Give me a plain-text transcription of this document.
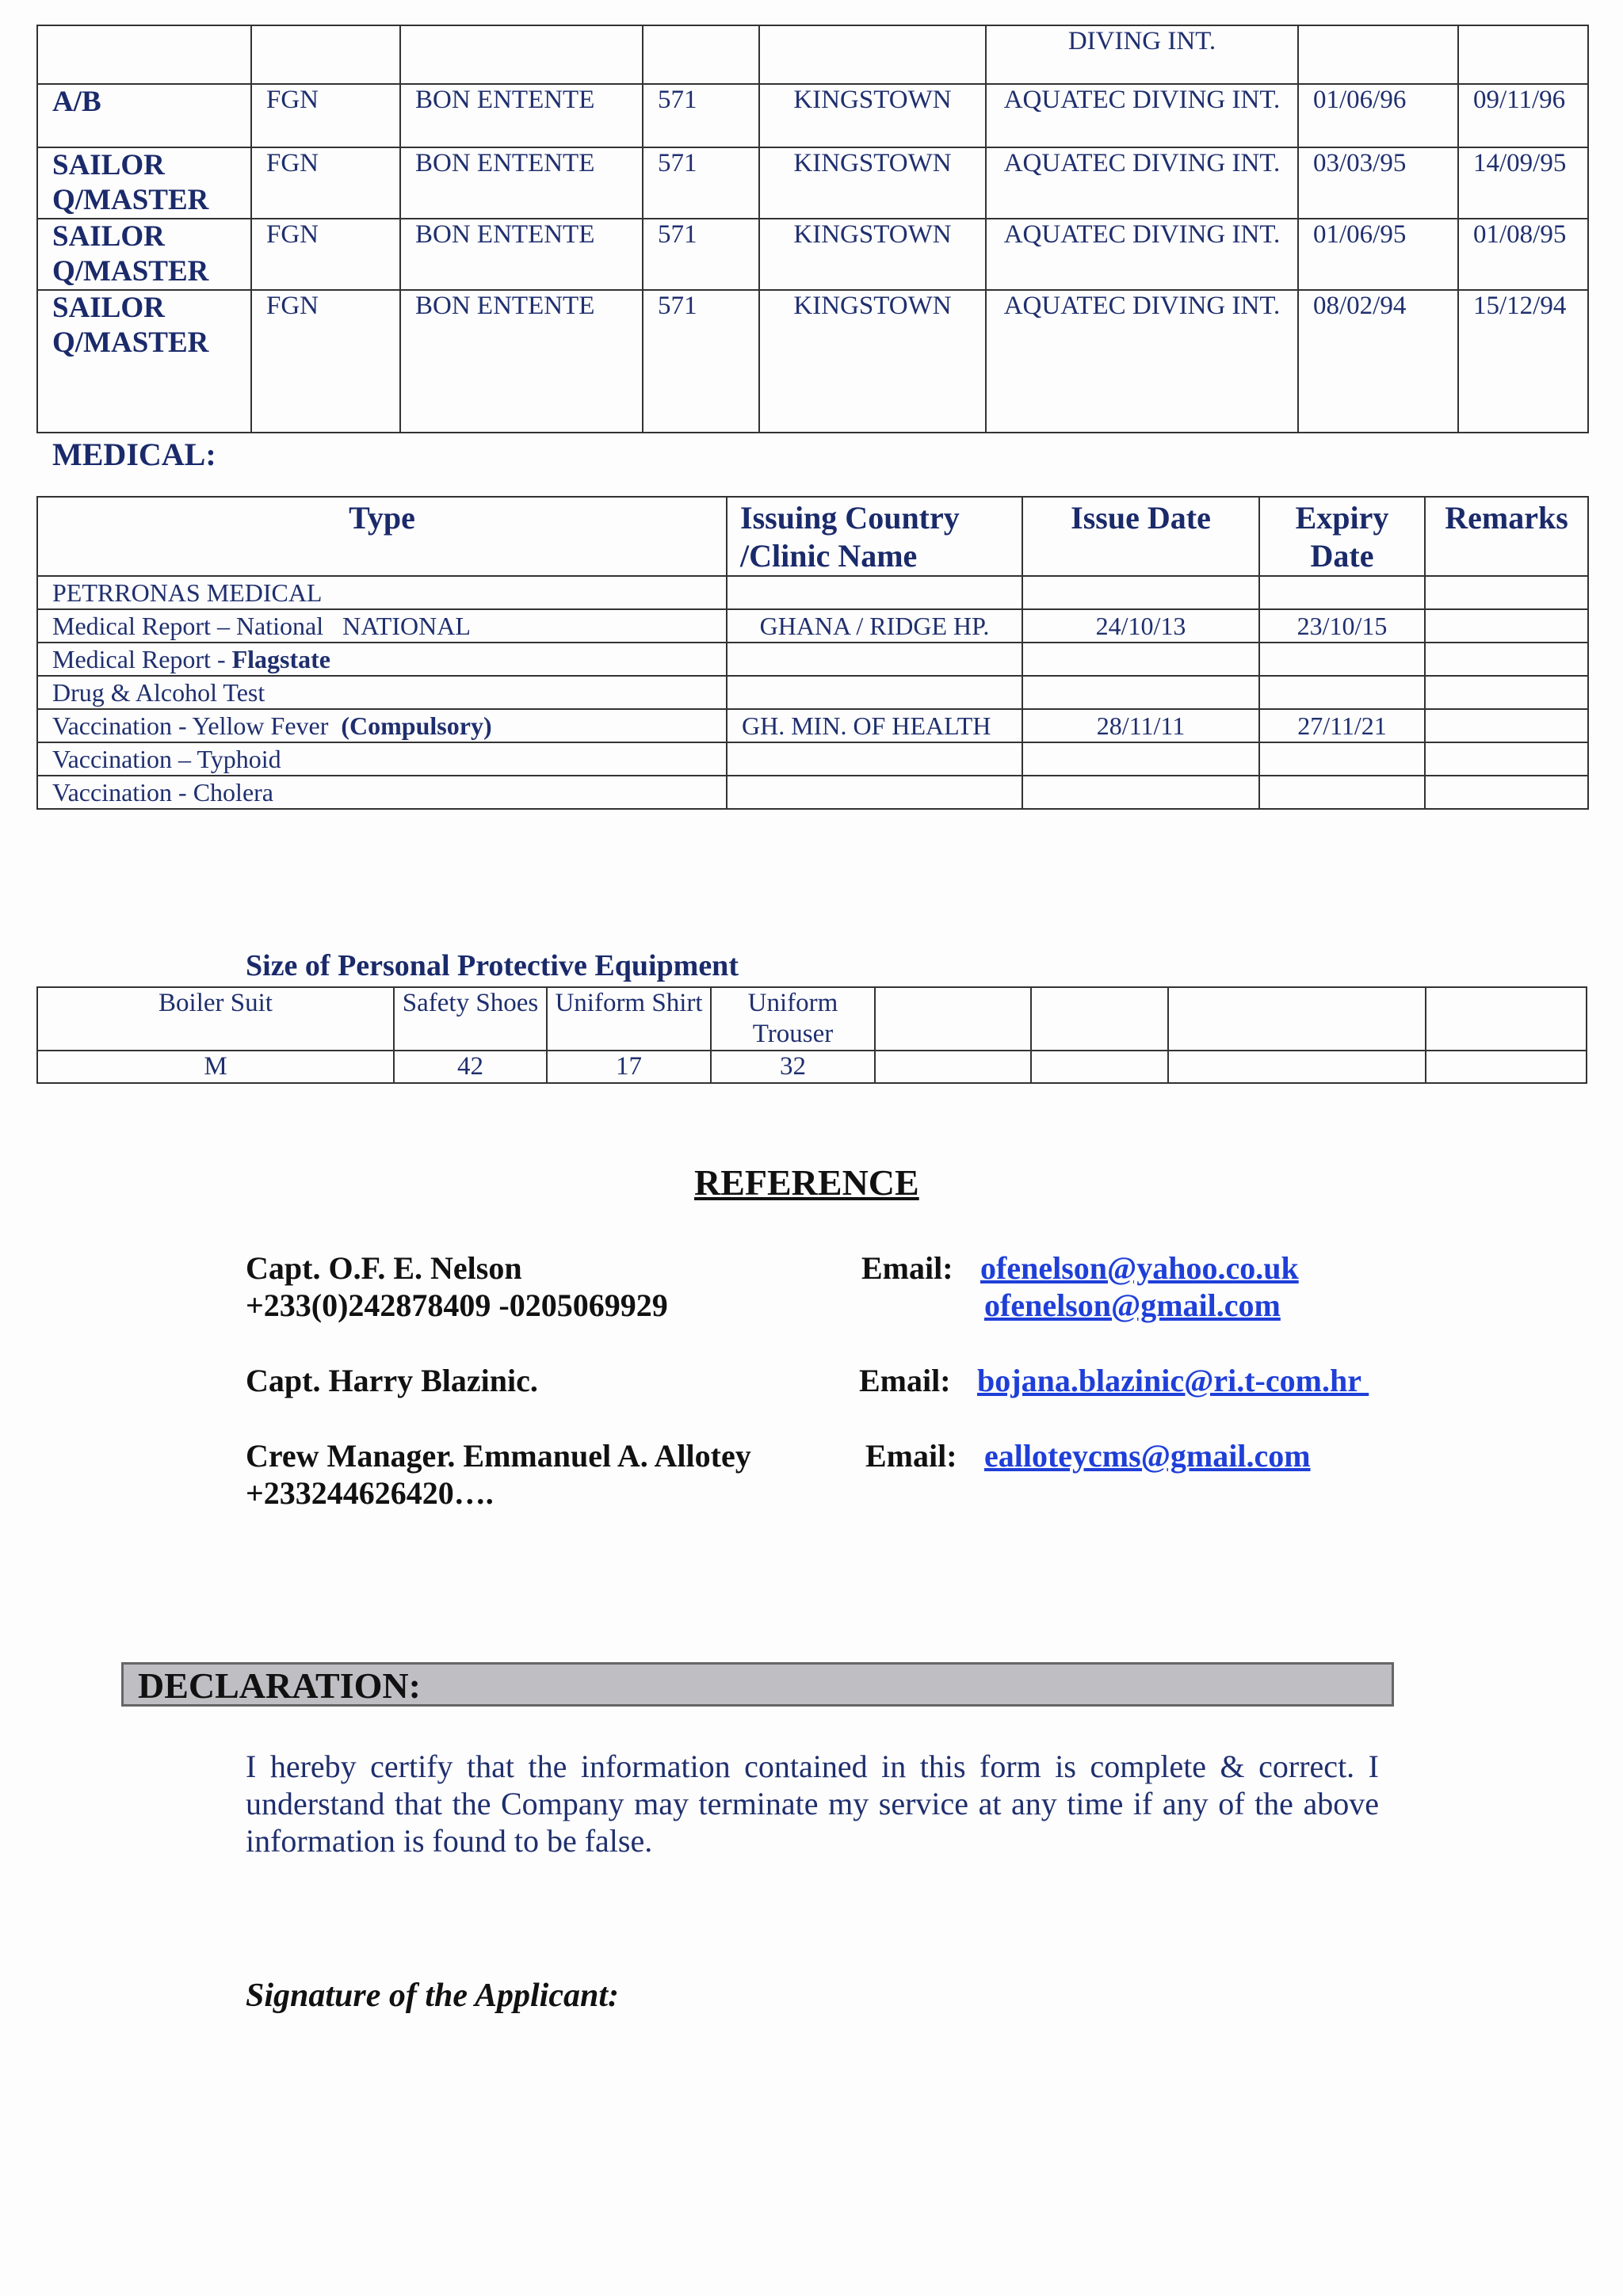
					DIVING INT.		
A/B	FGN	BON ENTENTE	571	KINGSTOWN	AQUATEC DIVING INT.	01/06/96	09/11/96
SAILOR Q/MASTER	FGN	BON ENTENTE	571	KINGSTOWN	AQUATEC DIVING INT.	03/03/95	14/09/95
SAILOR Q/MASTER	FGN	BON ENTENTE	571	KINGSTOWN	AQUATEC DIVING INT.	01/06/95	01/08/95
SAILOR Q/MASTER	FGN	BON ENTENTE	571	KINGSTOWN	AQUATEC DIVING INT.	08/02/94	15/12/94
MEDICAL:
Type	Issuing Country /Clinic Name	Issue Date	Expiry Date	Remarks
PETRRONAS MEDICAL				
Medical Report – National   NATIONAL	GHANA / RIDGE HP.	24/10/13	23/10/15	
Medical Report - Flagstate				
Drug & Alcohol Test				
Vaccination - Yellow Fever  (Compulsory)	GH. MIN. OF HEALTH	28/11/11	27/11/21	
Vaccination – Typhoid				
Vaccination - Cholera				
Size of Personal Protective Equipment
Boiler Suit	Safety Shoes	Uniform Shirt	Uniform Trouser				
M	42	17	32				
REFERENCE
Capt. O.F. E. Nelson
+233(0)242878409 -0205069929
Email: ofenelson@yahoo.co.uk
ofenelson@gmail.com
Capt. Harry Blazinic.	Email: bojana.blazinic@ri.t-com.hr
Crew Manager. Emmanuel A. Allotey
+233244626420….
Email: ealloteycms@gmail.com
DECLARATION:
I hereby certify that the information contained in this form is complete & correct. I understand that the Company may terminate my service at any time if any of the above information is found to be false.
Signature of the Applicant:
